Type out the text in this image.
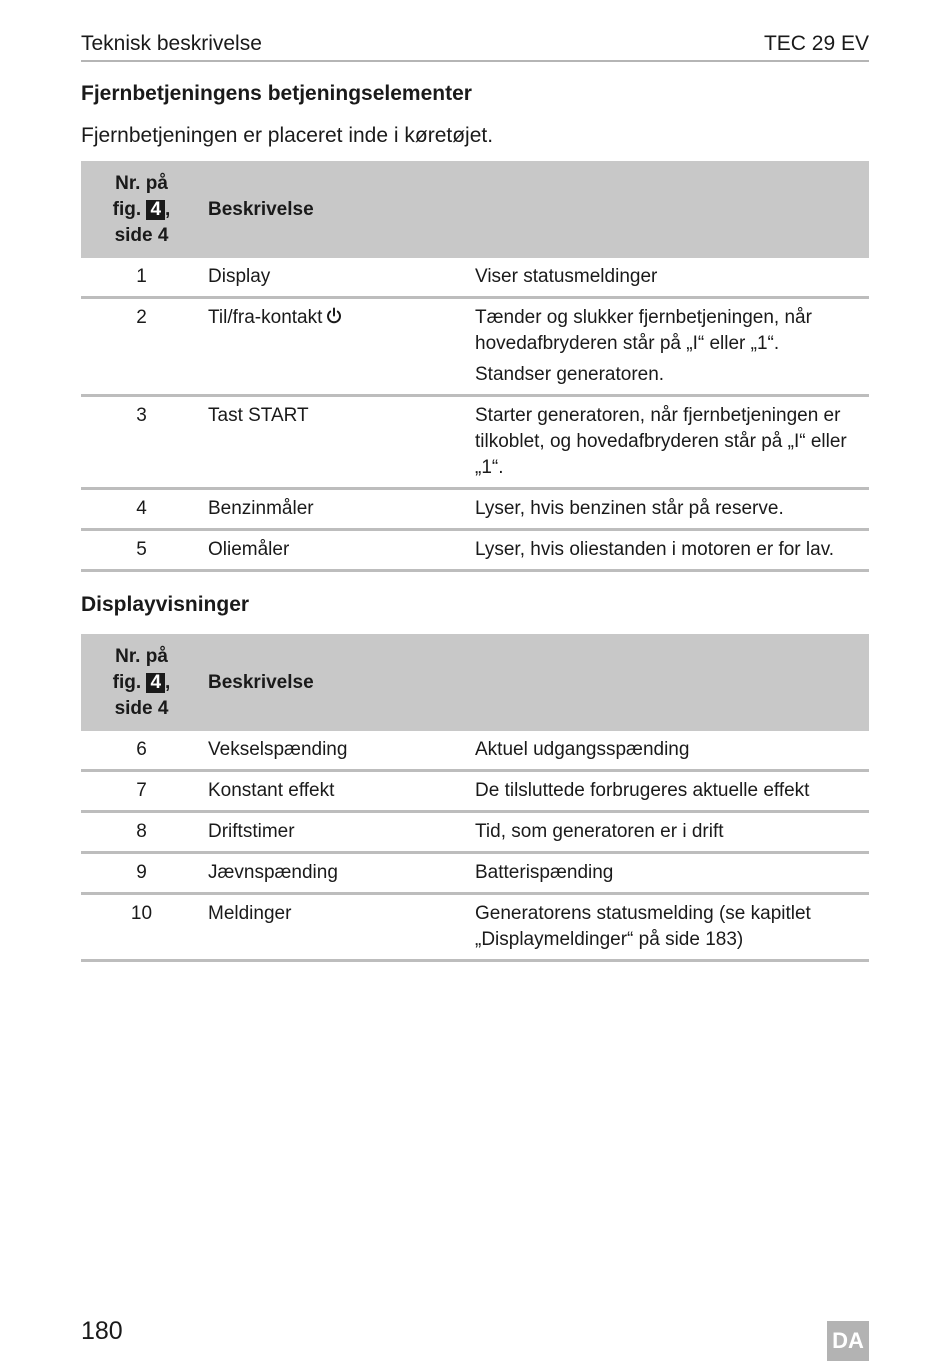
Teknisk beskrivelse	TEC 29 EV
Fjernbetjeningens betjeningselementer

Fjernbetjeningen er placeret inde i køretøjet.

Nr. på
fig. 4 ,
side 4	Beskrivelse	
1	Display	Viser statusmeldinger

2	Til/fra-kontakt	Tænder og slukker fjernbetjeningen, når hovedafbryderen står på „I“ eller „1“.

Standser generatoren.

3	Tast START	Starter generatoren, når fjernbetjeningen er tilkoblet, og hovedafbryderen står på „I“ eller „1“.

4	Benzinmåler	Lyser, hvis benzinen står på reserve.

5	Oliemåler	Lyser, hvis oliestanden i motoren er for lav.

Displayvisninger
Nr. på
fig. 4 ,
side 4	Beskrivelse	
6	Vekselspænding	Aktuel udgangsspænding

7	Konstant effekt	De tilsluttede forbrugeres aktuelle effekt

8	Driftstimer	Tid, som generatoren er i drift

9	Jævnspænding	Batterispænding

10	Meldinger	Generatorens statusmelding (se kapitlet „Displaymeldinger“ på side 183)

180	DA
